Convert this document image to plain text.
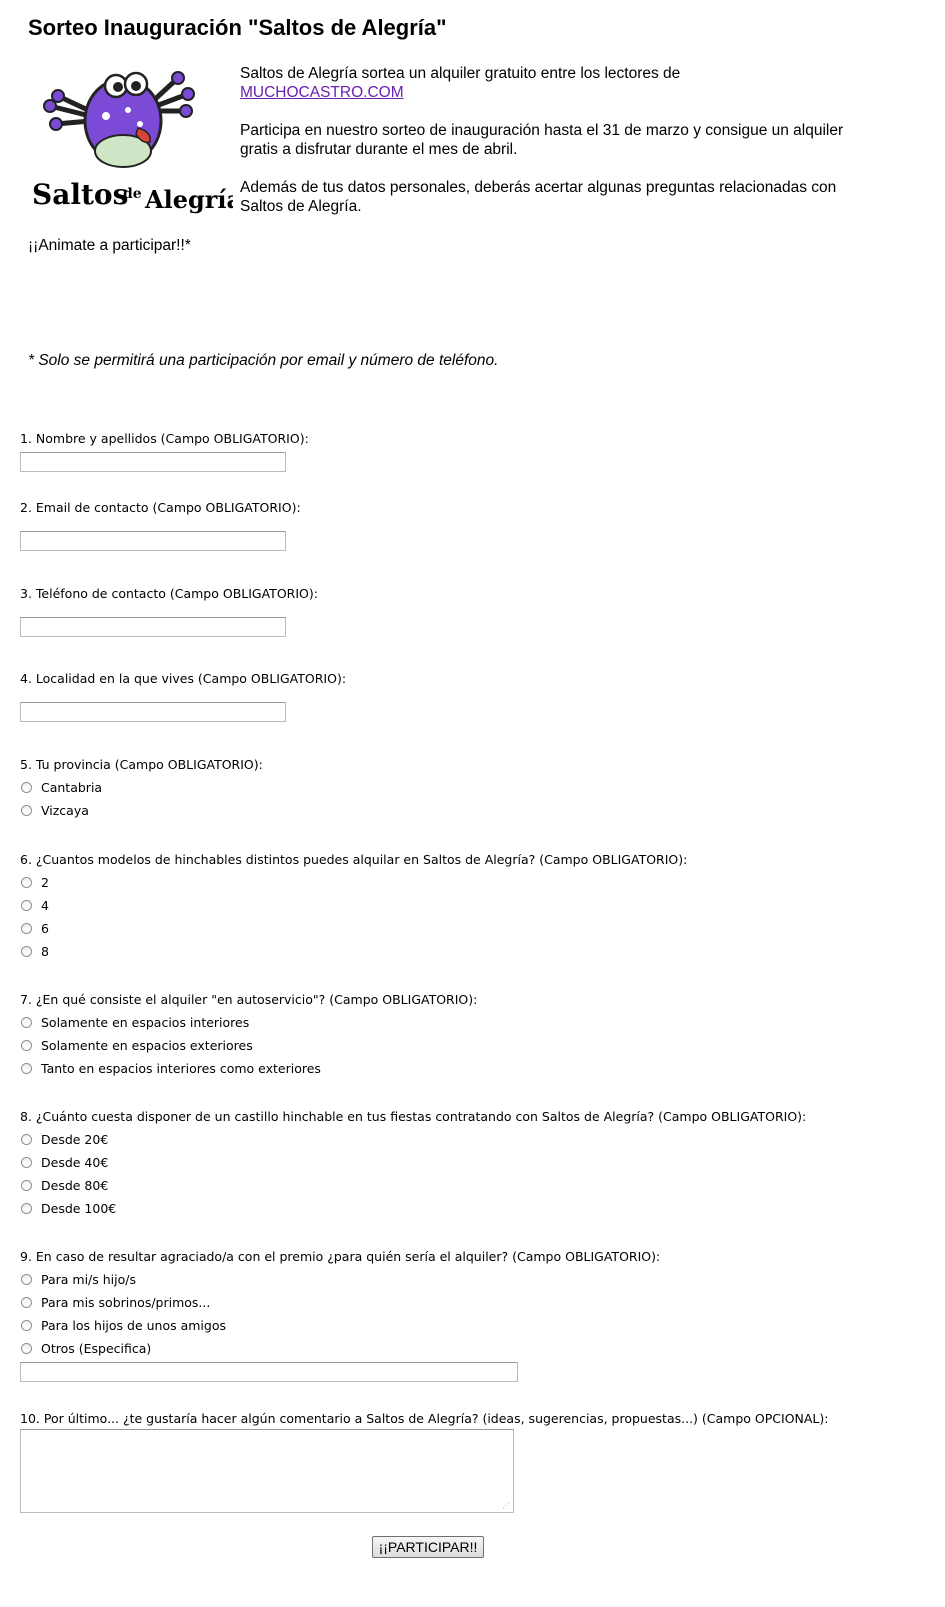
Sorteo Inauguración "Saltos de Alegría"
Saltos
de Alegría

Saltos de Alegría sortea un alquiler gratuito entre los lectores de
MUCHOCASTRO.COM

Participa en nuestro sorteo de inauguración hasta el 31 de marzo y consigue un alquiler gratis a disfrutar durante el mes de abril.

Además de tus datos personales, deberás acertar algunas preguntas relacionadas con Saltos de Alegría.

¡¡Animate a participar!!*
* Solo se permitirá una participación por email y número de teléfono.
1. Nombre y apellidos (Campo OBLIGATORIO):
2. Email de contacto (Campo OBLIGATORIO):
3. Teléfono de contacto (Campo OBLIGATORIO):
4. Localidad en la que vives (Campo OBLIGATORIO):
5. Tu provincia (Campo OBLIGATORIO):
Cantabria
Vizcaya
6. ¿Cuantos modelos de hinchables distintos puedes alquilar en Saltos de Alegría? (Campo OBLIGATORIO):
2
4
6
8
7. ¿En qué consiste el alquiler "en autoservicio"? (Campo OBLIGATORIO):
Solamente en espacios interiores
Solamente en espacios exteriores
Tanto en espacios interiores como exteriores
8. ¿Cuánto cuesta disponer de un castillo hinchable en tus fiestas contratando con Saltos de Alegría? (Campo OBLIGATORIO):
Desde 20€
Desde 40€
Desde 80€
Desde 100€
9. En caso de resultar agraciado/a con el premio ¿para quién sería el alquiler? (Campo OBLIGATORIO):
Para mi/s hijo/s
Para mis sobrinos/primos...
Para los hijos de unos amigos
Otros (Especifica)
10. Por último... ¿te gustaría hacer algún comentario a Saltos de Alegría? (ideas, sugerencias, propuestas...) (Campo OPCIONAL):
⋰
¡¡PARTICIPAR!!
